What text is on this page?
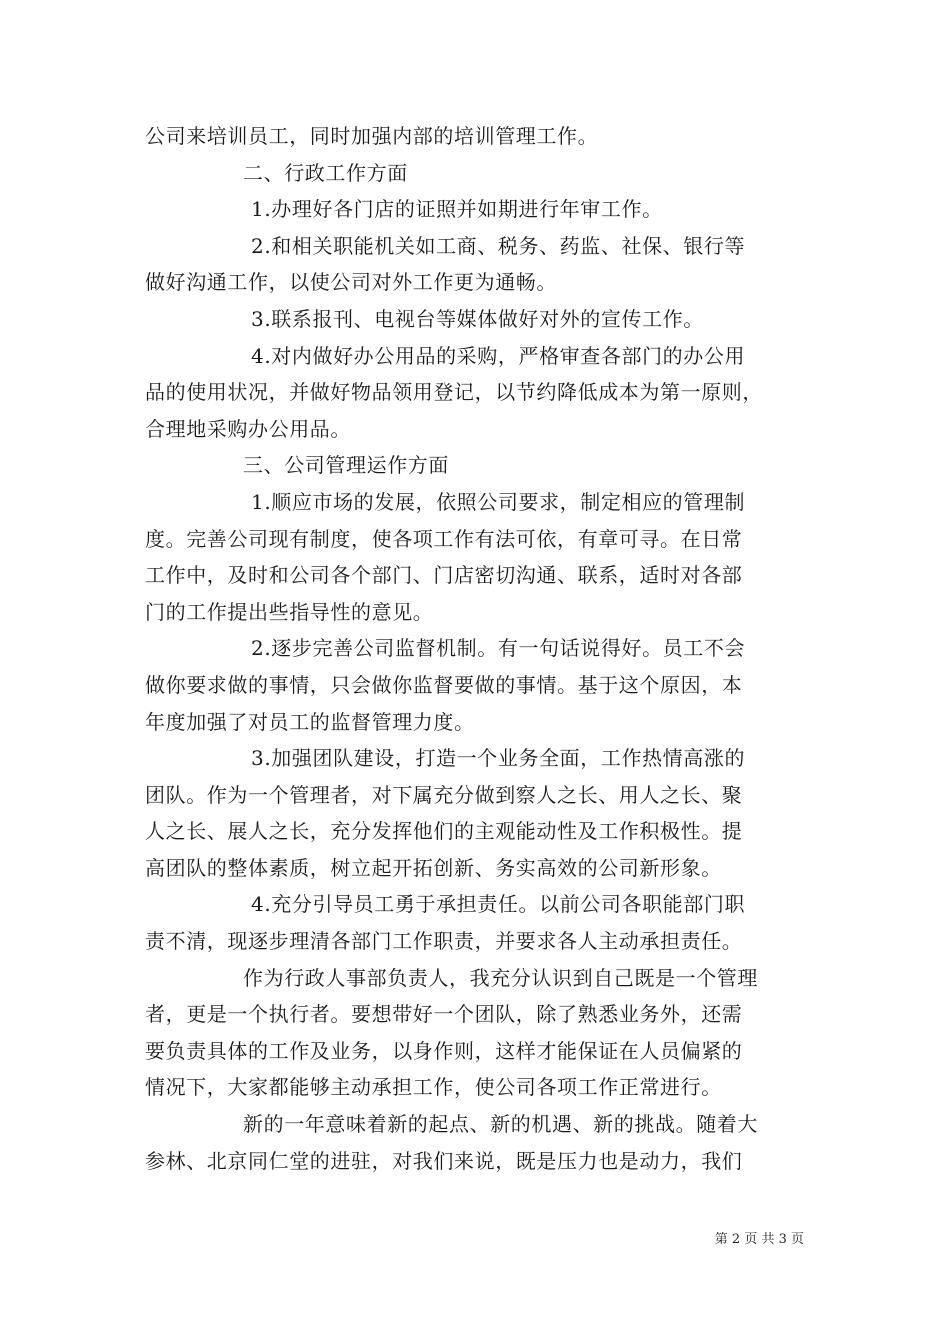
公司来培训员工，同时加强内部的培训管理工作。
二、行政工作方面
1.办理好各门店的证照并如期进行年审工作。
2.和相关职能机关如工商、税务、药监、社保、银行等
做好沟通工作，以使公司对外工作更为通畅。
3.联系报刊、电视台等媒体做好对外的宣传工作。
4.对内做好办公用品的采购，严格审查各部门的办公用
品的使用状况，并做好物品领用登记，以节约降低成本为第一原则，
合理地采购办公用品。
三、公司管理运作方面
1.顺应市场的发展，依照公司要求，制定相应的管理制
度。完善公司现有制度，使各项工作有法可依，有章可寻。在日常
工作中，及时和公司各个部门、门店密切沟通、联系，适时对各部
门的工作提出些指导性的意见。
2.逐步完善公司监督机制。有一句话说得好。员工不会
做你要求做的事情，只会做你监督要做的事情。基于这个原因，本
年度加强了对员工的监督管理力度。
3.加强团队建设，打造一个业务全面，工作热情高涨的
团队。作为一个管理者，对下属充分做到察人之长、用人之长、聚
人之长、展人之长，充分发挥他们的主观能动性及工作积极性。提
高团队的整体素质，树立起开拓创新、务实高效的公司新形象。
4.充分引导员工勇于承担责任。以前公司各职能部门职
责不清，现逐步理清各部门工作职责，并要求各人主动承担责任。
作为行政人事部负责人，我充分认识到自己既是一个管理
者，更是一个执行者。要想带好一个团队，除了熟悉业务外，还需
要负责具体的工作及业务，以身作则，这样才能保证在人员偏紧的
情况下，大家都能够主动承担工作，使公司各项工作正常进行。
新的一年意味着新的起点、新的机遇、新的挑战。随着大
参林、北京同仁堂的进驻，对我们来说，既是压力也是动力，我们
第 2 页 共 3 页
